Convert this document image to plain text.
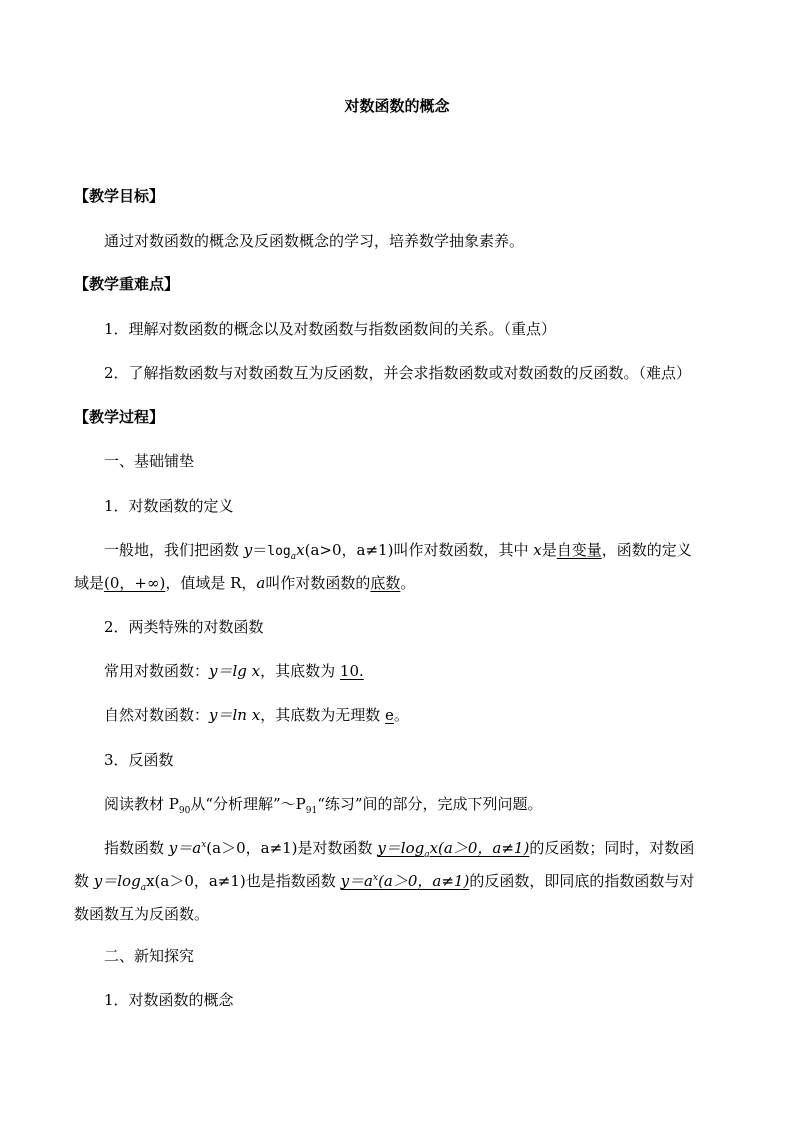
对数函数的概念
【教学目标】
通过对数函数的概念及反函数概念的学习，培养数学抽象素养。
【教学重难点】
1．理解对数函数的概念以及对数函数与指数函数间的关系。（重点）
2．了解指数函数与对数函数互为反函数，并会求指数函数或对数函数的反函数。（难点）
【教学过程】
一、基础铺垫
1．对数函数的定义
一般地，我们把函数 $y=\log_ax(a>0$，a≠1)叫作对数函数，其中 x是自变量，函数的定义
域是(0，+∞)，值域是 R，a叫作对数函数的底数。
2．两类特殊的对数函数
常用对数函数：y＝lg x，其底数为 10.
自然对数函数：y＝ln x，其底数为无理数 e。
3．反函数
阅读教材 $P_{90}$从“分析理解$”\sim P_{91}“$练习”间的部分，完成下列问题。
指数函数 $y=a^x(a>0$，a≠1)是对数函数 $y=\log_ax(a>0$，a≠1)的反函数；同时，对数函
数 $y=\log_ax(a>0$，a≠1)也是指数函数 $y=a^x(a>0$，a≠1)的反函数，即同底的指数函数与对
数函数互为反函数。
二、新知探究
1．对数函数的概念
